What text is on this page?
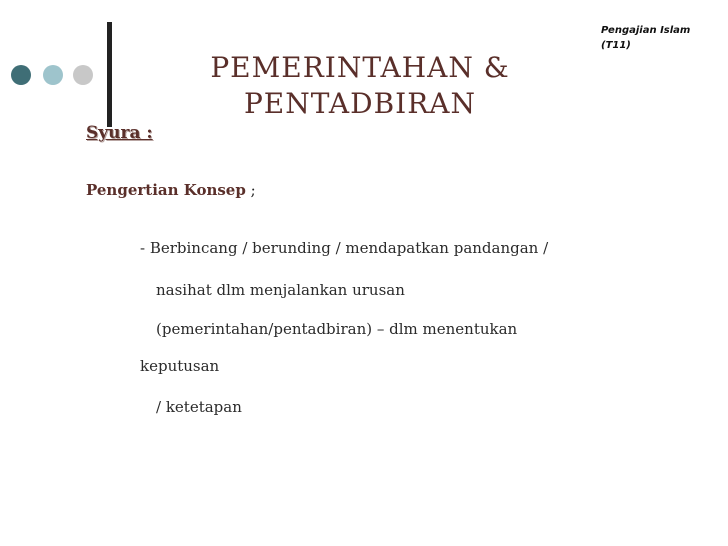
Pengajian Islam
(T11)
PEMERINTAHAN &
PENTADBIRAN
Syura :
Pengertian Konsep ;
- Berbincang / berunding / mendapatkan pandangan /
nasihat dlm menjalankan urusan
(pemerintahan/pentadbiran) – dlm menentukan
keputusan
/ ketetapan
